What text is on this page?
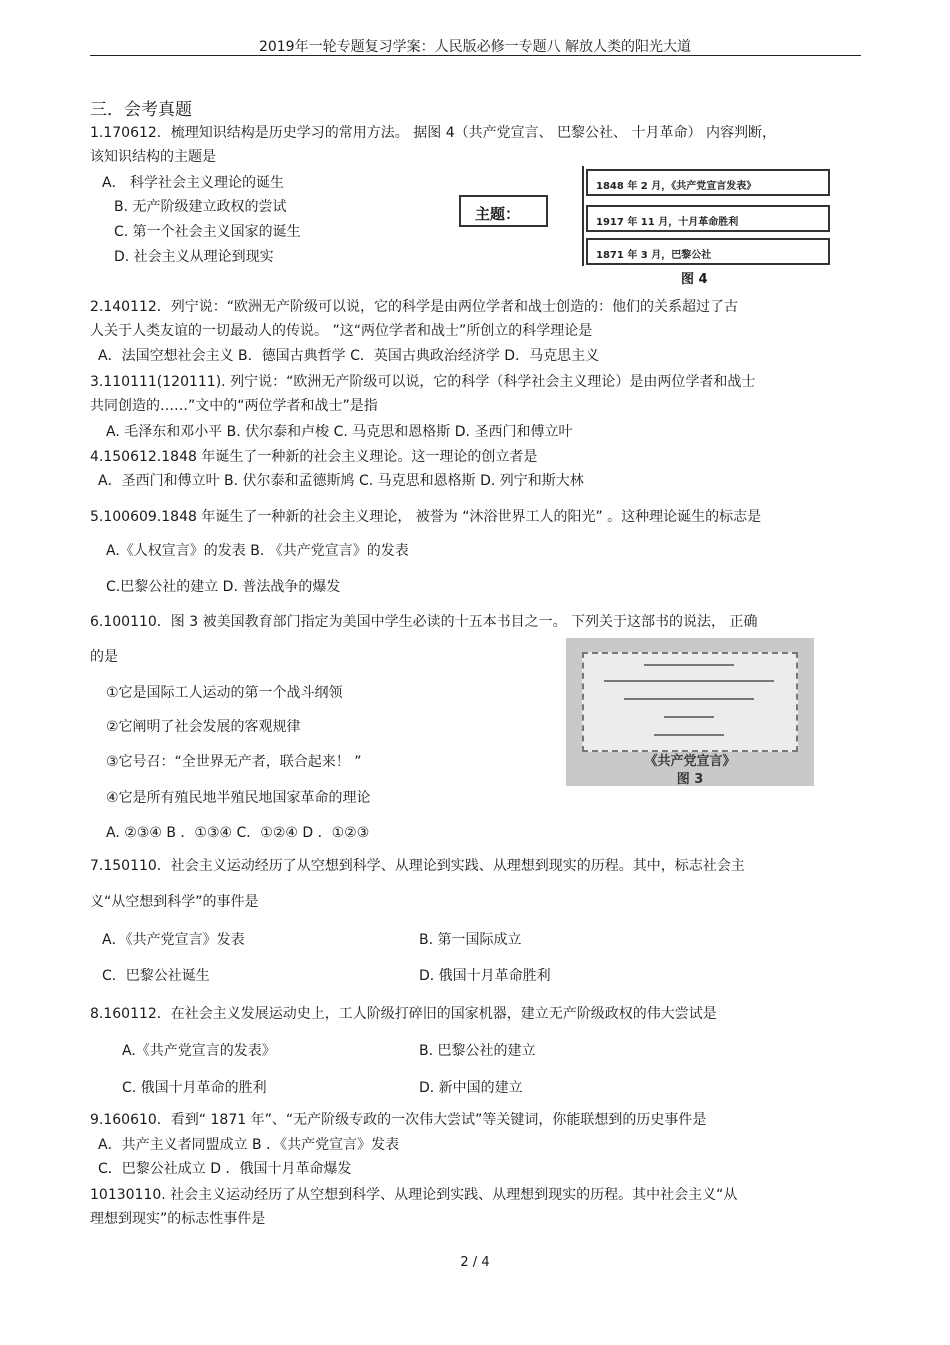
2019年一轮专题复习学案：人民版必修一专题八 解放人类的阳光大道
三．会考真题
1.170612．梳理知识结构是历史学习的常用方法。 据图 4（共产党宣言、 巴黎公社、 十月革命） 内容判断，
该知识结构的主题是
A． 科学社会主义理论的诞生
B. 无产阶级建立政权的尝试
C. 第一个社会主义国家的诞生
D. 社会主义从理论到现实
主题：
1848 年 2 月，《共产党宣言发表》
1917 年 11 月，十月革命胜利
1871 年 3 月，巴黎公社
图 4
2.140112．列宁说：“欧洲无产阶级可以说，它的科学是由两位学者和战士创造的：他们的关系超过了古
人关于人类友谊的一切最动人的传说。 ”这“两位学者和战士”所创立的科学理论是
A．法国空想社会主义 B．德国古典哲学 C．英国古典政治经济学 D．马克思主义
3.110111(120111). 列宁说：“欧洲无产阶级可以说，它的科学（科学社会主义理论）是由两位学者和战士
共同创造的……”文中的“两位学者和战士”是指
A. 毛泽东和邓小平 B. 伏尔泰和卢梭 C. 马克思和恩格斯 D. 圣西门和傅立叶
4.150612.1848 年诞生了一种新的社会主义理论。这一理论的创立者是
A．圣西门和傅立叶 B. 伏尔泰和孟德斯鸠 C. 马克思和恩格斯 D. 列宁和斯大林
5.100609.1848 年诞生了一种新的社会主义理论， 被誉为 “沐浴世界工人的阳光” 。这种理论诞生的标志是
A.《人权宣言》的发表 B. 《共产党宣言》的发表
C.巴黎公社的建立 D. 普法战争的爆发
6.100110．图 3 被美国教育部门指定为美国中学生必读的十五本书目之一。 下列关于这部书的说法， 正确
的是
①它是国际工人运动的第一个战斗纲领
②它阐明了社会发展的客观规律
③它号召：“全世界无产者，联合起来！ ”
④它是所有殖民地半殖民地国家革命的理论
A. ②③④ B ．①③④ C．①②④ D ．①②③
《共产党宣言》
图 3
7.150110．社会主义运动经历了从空想到科学、从理论到实践、从理想到现实的历程。其中，标志社会主
义“从空想到科学”的事件是
A．《共产党宣言》发表	B. 第一国际成立
C．巴黎公社诞生	D. 俄国十月革命胜利
8.160112．在社会主义发展运动史上，工人阶级打碎旧的国家机器，建立无产阶级政权的伟大尝试是
A.《共产党宣言的发表》	B. 巴黎公社的建立
C. 俄国十月革命的胜利	D. 新中国的建立
9.160610．看到“ 1871 年”、“无产阶级专政的一次伟大尝试”等关键词，你能联想到的历史事件是
A．共产主义者同盟成立 B ．《共产党宣言》发表
C．巴黎公社成立 D ．俄国十月革命爆发
10130110. 社会主义运动经历了从空想到科学、从理论到实践、从理想到现实的历程。其中社会主义“从
理想到现实”的标志性事件是
2 / 4
